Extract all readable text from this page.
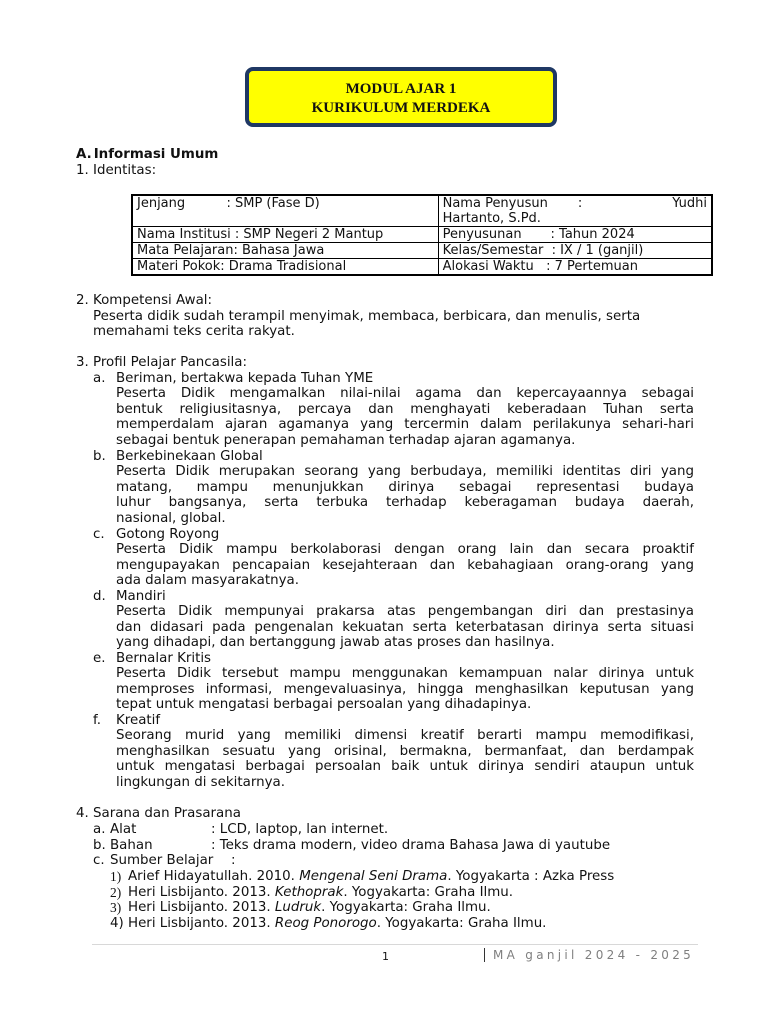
MODUL AJAR 1
KURIKULUM MERDEKA
A. Informasi Umum
1. Identitas:
Jenjang          : SMP (Fase D)	Nama Penyusun : Yudhi
Hartanto, S.Pd.

Nama Institusi : SMP Negeri 2 Mantup	Penyusunan       : Tahun 2024
Mata Pelajaran: Bahasa Jawa	Kelas/Semestar  : IX / 1 (ganjil)
Materi Pokok: Drama Tradisional	Alokasi Waktu   : 7 Pertemuan
2. Kompetensi Awal:
Peserta didik sudah terampil menyimak, membaca, berbicara, dan menulis, serta
memahami teks cerita rakyat.
3. Profil Pelajar Pancasila:
a. Beriman, bertakwa kepada Tuhan YME
Peserta Didik mengamalkan nilai-nilai agama dan kepercayaannya sebagai
bentuk religiusitasnya, percaya dan menghayati keberadaan Tuhan serta
memperdalam ajaran agamanya yang tercermin dalam perilakunya sehari-hari
sebagai bentuk penerapan pemahaman terhadap ajaran agamanya.
b. Berkebinekaan Global
Peserta Didik merupakan seorang yang berbudaya, memiliki identitas diri yang
matang, mampu menunjukkan dirinya sebagai representasi budaya
luhur bangsanya, serta terbuka terhadap keberagaman budaya daerah,
nasional, global.
c. Gotong Royong
Peserta Didik mampu berkolaborasi dengan orang lain dan secara proaktif
mengupayakan pencapaian kesejahteraan dan kebahagiaan orang-orang yang
ada dalam masyarakatnya.
d. Mandiri
Peserta Didik mempunyai prakarsa atas pengembangan diri dan prestasinya
dan didasari pada pengenalan kekuatan serta keterbatasan dirinya serta situasi
yang dihadapi, dan bertanggung jawab atas proses dan hasilnya.
e. Bernalar Kritis
Peserta Didik tersebut mampu menggunakan kemampuan nalar dirinya untuk
memproses informasi, mengevaluasinya, hingga menghasilkan keputusan yang
tepat untuk mengatasi berbagai persoalan yang dihadapinya.
f. Kreatif
Seorang murid yang memiliki dimensi kreatif berarti mampu memodifikasi,
menghasilkan sesuatu yang orisinal, bermakna, bermanfaat, dan berdampak
untuk mengatasi berbagai persoalan baik untuk dirinya sendiri ataupun untuk
lingkungan di sekitarnya.
4. Sarana dan Prasarana
a. Alat	: LCD, laptop, lan internet.
b. Bahan	: Teks drama modern, video drama Bahasa Jawa di yautube
c. Sumber Belajar :
1) Arief Hidayatullah. 2010. Mengenal Seni Drama. Yogyakarta : Azka Press
2) Heri Lisbijanto. 2013. Kethoprak. Yogyakarta: Graha Ilmu.
3) Heri Lisbijanto. 2013. Ludruk. Yogyakarta: Graha Ilmu.
4) Heri Lisbijanto. 2013. Reog Ponorogo. Yogyakarta: Graha Ilmu.
1	MA ganjil 2024 - 2025
